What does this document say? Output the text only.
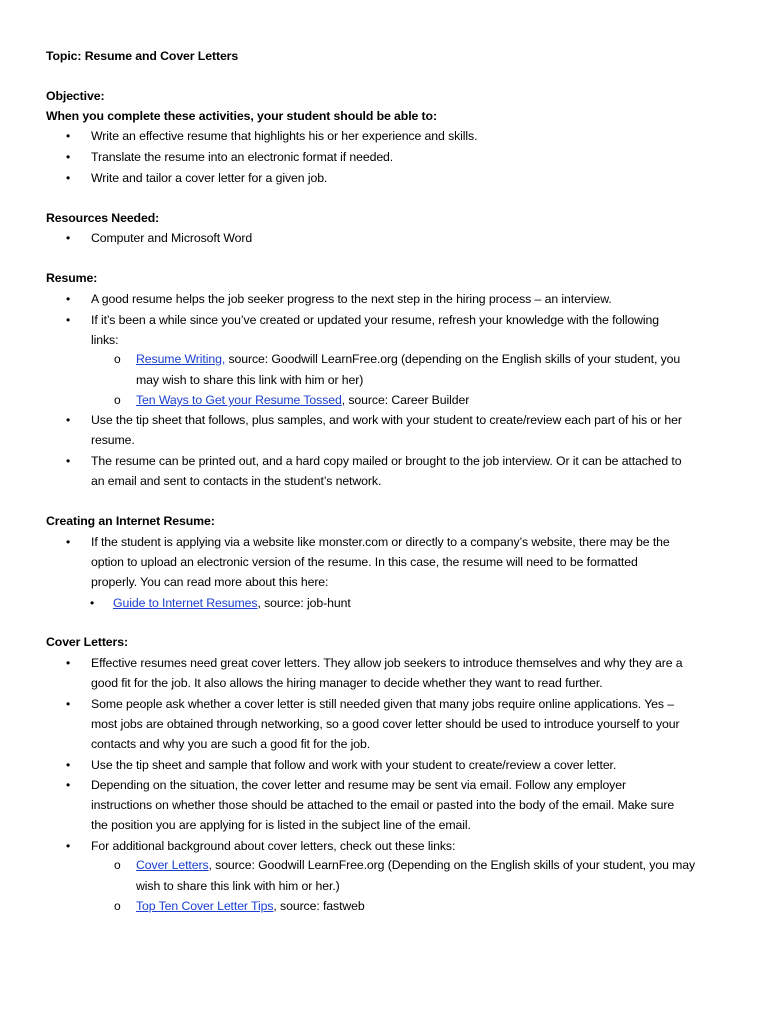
Topic: Resume and Cover Letters
Objective:
When you complete these activities, your student should be able to:
• Write an effective resume that highlights his or her experience and skills.
• Translate the resume into an electronic format if needed.
• Write and tailor a cover letter for a given job.
Resources Needed:
• Computer and Microsoft Word
Resume:
• A good resume helps the job seeker progress to the next step in the hiring process – an interview.
• If it’s been a while since you’ve created or updated your resume, refresh your knowledge with the following
links:
o Resume Writing, source: Goodwill LearnFree.org (depending on the English skills of your student, you
may wish to share this link with him or her)
o Ten Ways to Get your Resume Tossed, source: Career Builder
• Use the tip sheet that follows, plus samples, and work with your student to create/review each part of his or her
resume.
• The resume can be printed out, and a hard copy mailed or brought to the job interview. Or it can be attached to
an email and sent to contacts in the student’s network.
Creating an Internet Resume:
• If the student is applying via a website like monster.com or directly to a company’s website, there may be the
option to upload an electronic version of the resume. In this case, the resume will need to be formatted
properly. You can read more about this here:
• Guide to Internet Resumes, source: job-hunt
Cover Letters:
• Effective resumes need great cover letters. They allow job seekers to introduce themselves and why they are a
good fit for the job. It also allows the hiring manager to decide whether they want to read further.
• Some people ask whether a cover letter is still needed given that many jobs require online applications. Yes –
most jobs are obtained through networking, so a good cover letter should be used to introduce yourself to your
contacts and why you are such a good fit for the job.
• Use the tip sheet and sample that follow and work with your student to create/review a cover letter.
• Depending on the situation, the cover letter and resume may be sent via email. Follow any employer
instructions on whether those should be attached to the email or pasted into the body of the email. Make sure
the position you are applying for is listed in the subject line of the email.
• For additional background about cover letters, check out these links:
o Cover Letters, source: Goodwill LearnFree.org (Depending on the English skills of your student, you may
wish to share this link with him or her.)
o Top Ten Cover Letter Tips, source: fastweb
